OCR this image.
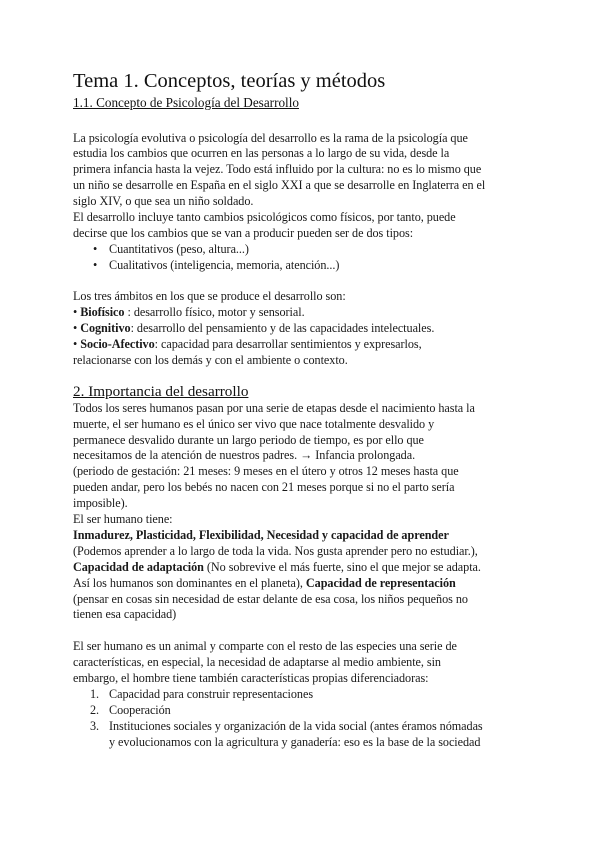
Tema 1. Conceptos, teorías y métodos
1.1. Concepto de Psicología del Desarrollo
La psicología evolutiva o psicología del desarrollo es la rama de la psicología que
estudia los cambios que ocurren en las personas a lo largo de su vida, desde la
primera infancia hasta la vejez. Todo está influido por la cultura: no es lo mismo que
un niño se desarrolle en España en el siglo XXI a que se desarrolle en Inglaterra en el
siglo XIV, o que sea un niño soldado.
El desarrollo incluye tanto cambios psicológicos como físicos, por tanto, puede
decirse que los cambios que se van a producir pueden ser de dos tipos:
• Cuantitativos (peso, altura...)
• Cualitativos (inteligencia, memoria, atención...)
Los tres ámbitos en los que se produce el desarrollo son:
• Biofísico : desarrollo físico, motor y sensorial.
• Cognitivo: desarrollo del pensamiento y de las capacidades intelectuales.
• Socio-Afectivo: capacidad para desarrollar sentimientos y expresarlos,
relacionarse con los demás y con el ambiente o contexto.
2. Importancia del desarrollo
Todos los seres humanos pasan por una serie de etapas desde el nacimiento hasta la
muerte, el ser humano es el único ser vivo que nace totalmente desvalido y
permanece desvalido durante un largo periodo de tiempo, es por ello que
necesitamos de la atención de nuestros padres. → Infancia prolongada.
(periodo de gestación: 21 meses: 9 meses en el útero y otros 12 meses hasta que
pueden andar, pero los bebés no nacen con 21 meses porque si no el parto sería
imposible).
El ser humano tiene:
Inmadurez, Plasticidad, Flexibilidad, Necesidad y capacidad de aprender
(Podemos aprender a lo largo de toda la vida. Nos gusta aprender pero no estudiar.),
Capacidad de adaptación (No sobrevive el más fuerte, sino el que mejor se adapta.
Así los humanos son dominantes en el planeta), Capacidad de representación
(pensar en cosas sin necesidad de estar delante de esa cosa, los niños pequeños no
tienen esa capacidad)
El ser humano es un animal y comparte con el resto de las especies una serie de
características, en especial, la necesidad de adaptarse al medio ambiente, sin
embargo, el hombre tiene también características propias diferenciadoras:
1. Capacidad para construir representaciones
2. Cooperación
3. Instituciones sociales y organización de la vida social (antes éramos nómadas
y evolucionamos con la agricultura y ganadería: eso es la base de la sociedad
